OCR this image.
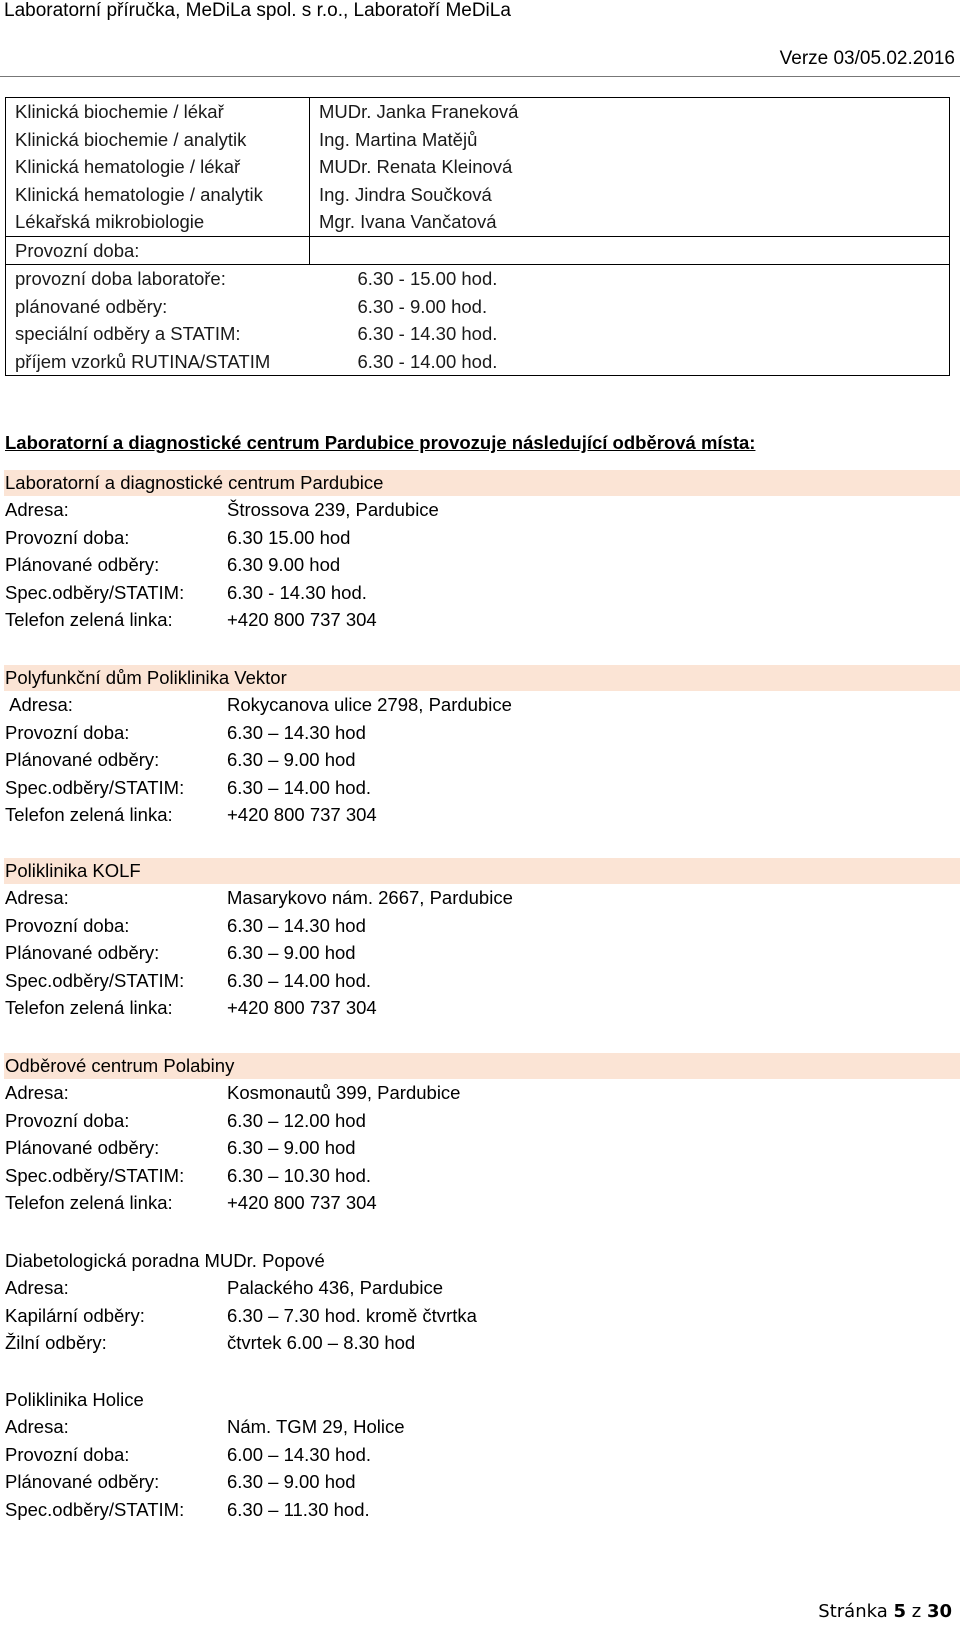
Laboratorní příručka, MeDiLa spol. s r.o., Laboratoří MeDiLa
Verze 03/05.02.2016
Klinická biochemie / lékař	MUDr. Janka Franeková
Klinická biochemie / analytik	Ing. Martina Matějů
Klinická hematologie / lékař	MUDr. Renata Kleinová
Klinická hematologie / analytik	Ing. Jindra Součková
Lékařská mikrobiologie	Mgr. Ivana Vančatová
Provozní doba:	
provozní doba laboratoře:	6.30 - 15.00 hod.
plánované odběry:	6.30 - 9.00 hod.
speciální odběry a STATIM:	6.30 - 14.30 hod.
příjem vzorků RUTINA/STATIM	6.30 - 14.00 hod.
Laboratorní a diagnostické centrum Pardubice provozuje následující odběrová místa:
Laboratorní a diagnostické centrum Pardubice
Adresa:	Štrossova 239, Pardubice
Provozní doba:	6.30 15.00 hod
Plánované odběry:	6.30 9.00 hod
Spec.odběry/STATIM: 6.30 - 14.30 hod.
Telefon zelená linka:	+420 800 737 304
Polyfunkční dům Poliklinika Vektor
Adresa:	Rokycanova ulice 2798, Pardubice
Provozní doba:	6.30 – 14.30 hod
Plánované odběry:	6.30 – 9.00 hod
Spec.odběry/STATIM: 6.30 – 14.00 hod.
Telefon zelená linka:	+420 800 737 304
Poliklinika KOLF
Adresa:	Masarykovo nám. 2667, Pardubice
Provozní doba:	6.30 – 14.30 hod
Plánované odběry:	6.30 – 9.00 hod
Spec.odběry/STATIM: 6.30 – 14.00 hod.
Telefon zelená linka:	+420 800 737 304
Odběrové centrum Polabiny
Adresa:	Kosmonautů 399, Pardubice
Provozní doba:	6.30 – 12.00 hod
Plánované odběry:	6.30 – 9.00 hod
Spec.odběry/STATIM: 6.30 – 10.30 hod.
Telefon zelená linka:	+420 800 737 304
Diabetologická poradna MUDr. Popové
Adresa:	Palackého 436, Pardubice
Kapilární odběry:	6.30 – 7.30 hod. kromě čtvrtka
Žilní odběry:	čtvrtek 6.00 – 8.30 hod
Poliklinika Holice
Adresa:	Nám. TGM 29, Holice
Provozní doba:	6.00 – 14.30 hod.
Plánované odběry:	6.30 – 9.00 hod
Spec.odběry/STATIM: 6.30 – 11.30 hod.
Stránka 5 z 30
